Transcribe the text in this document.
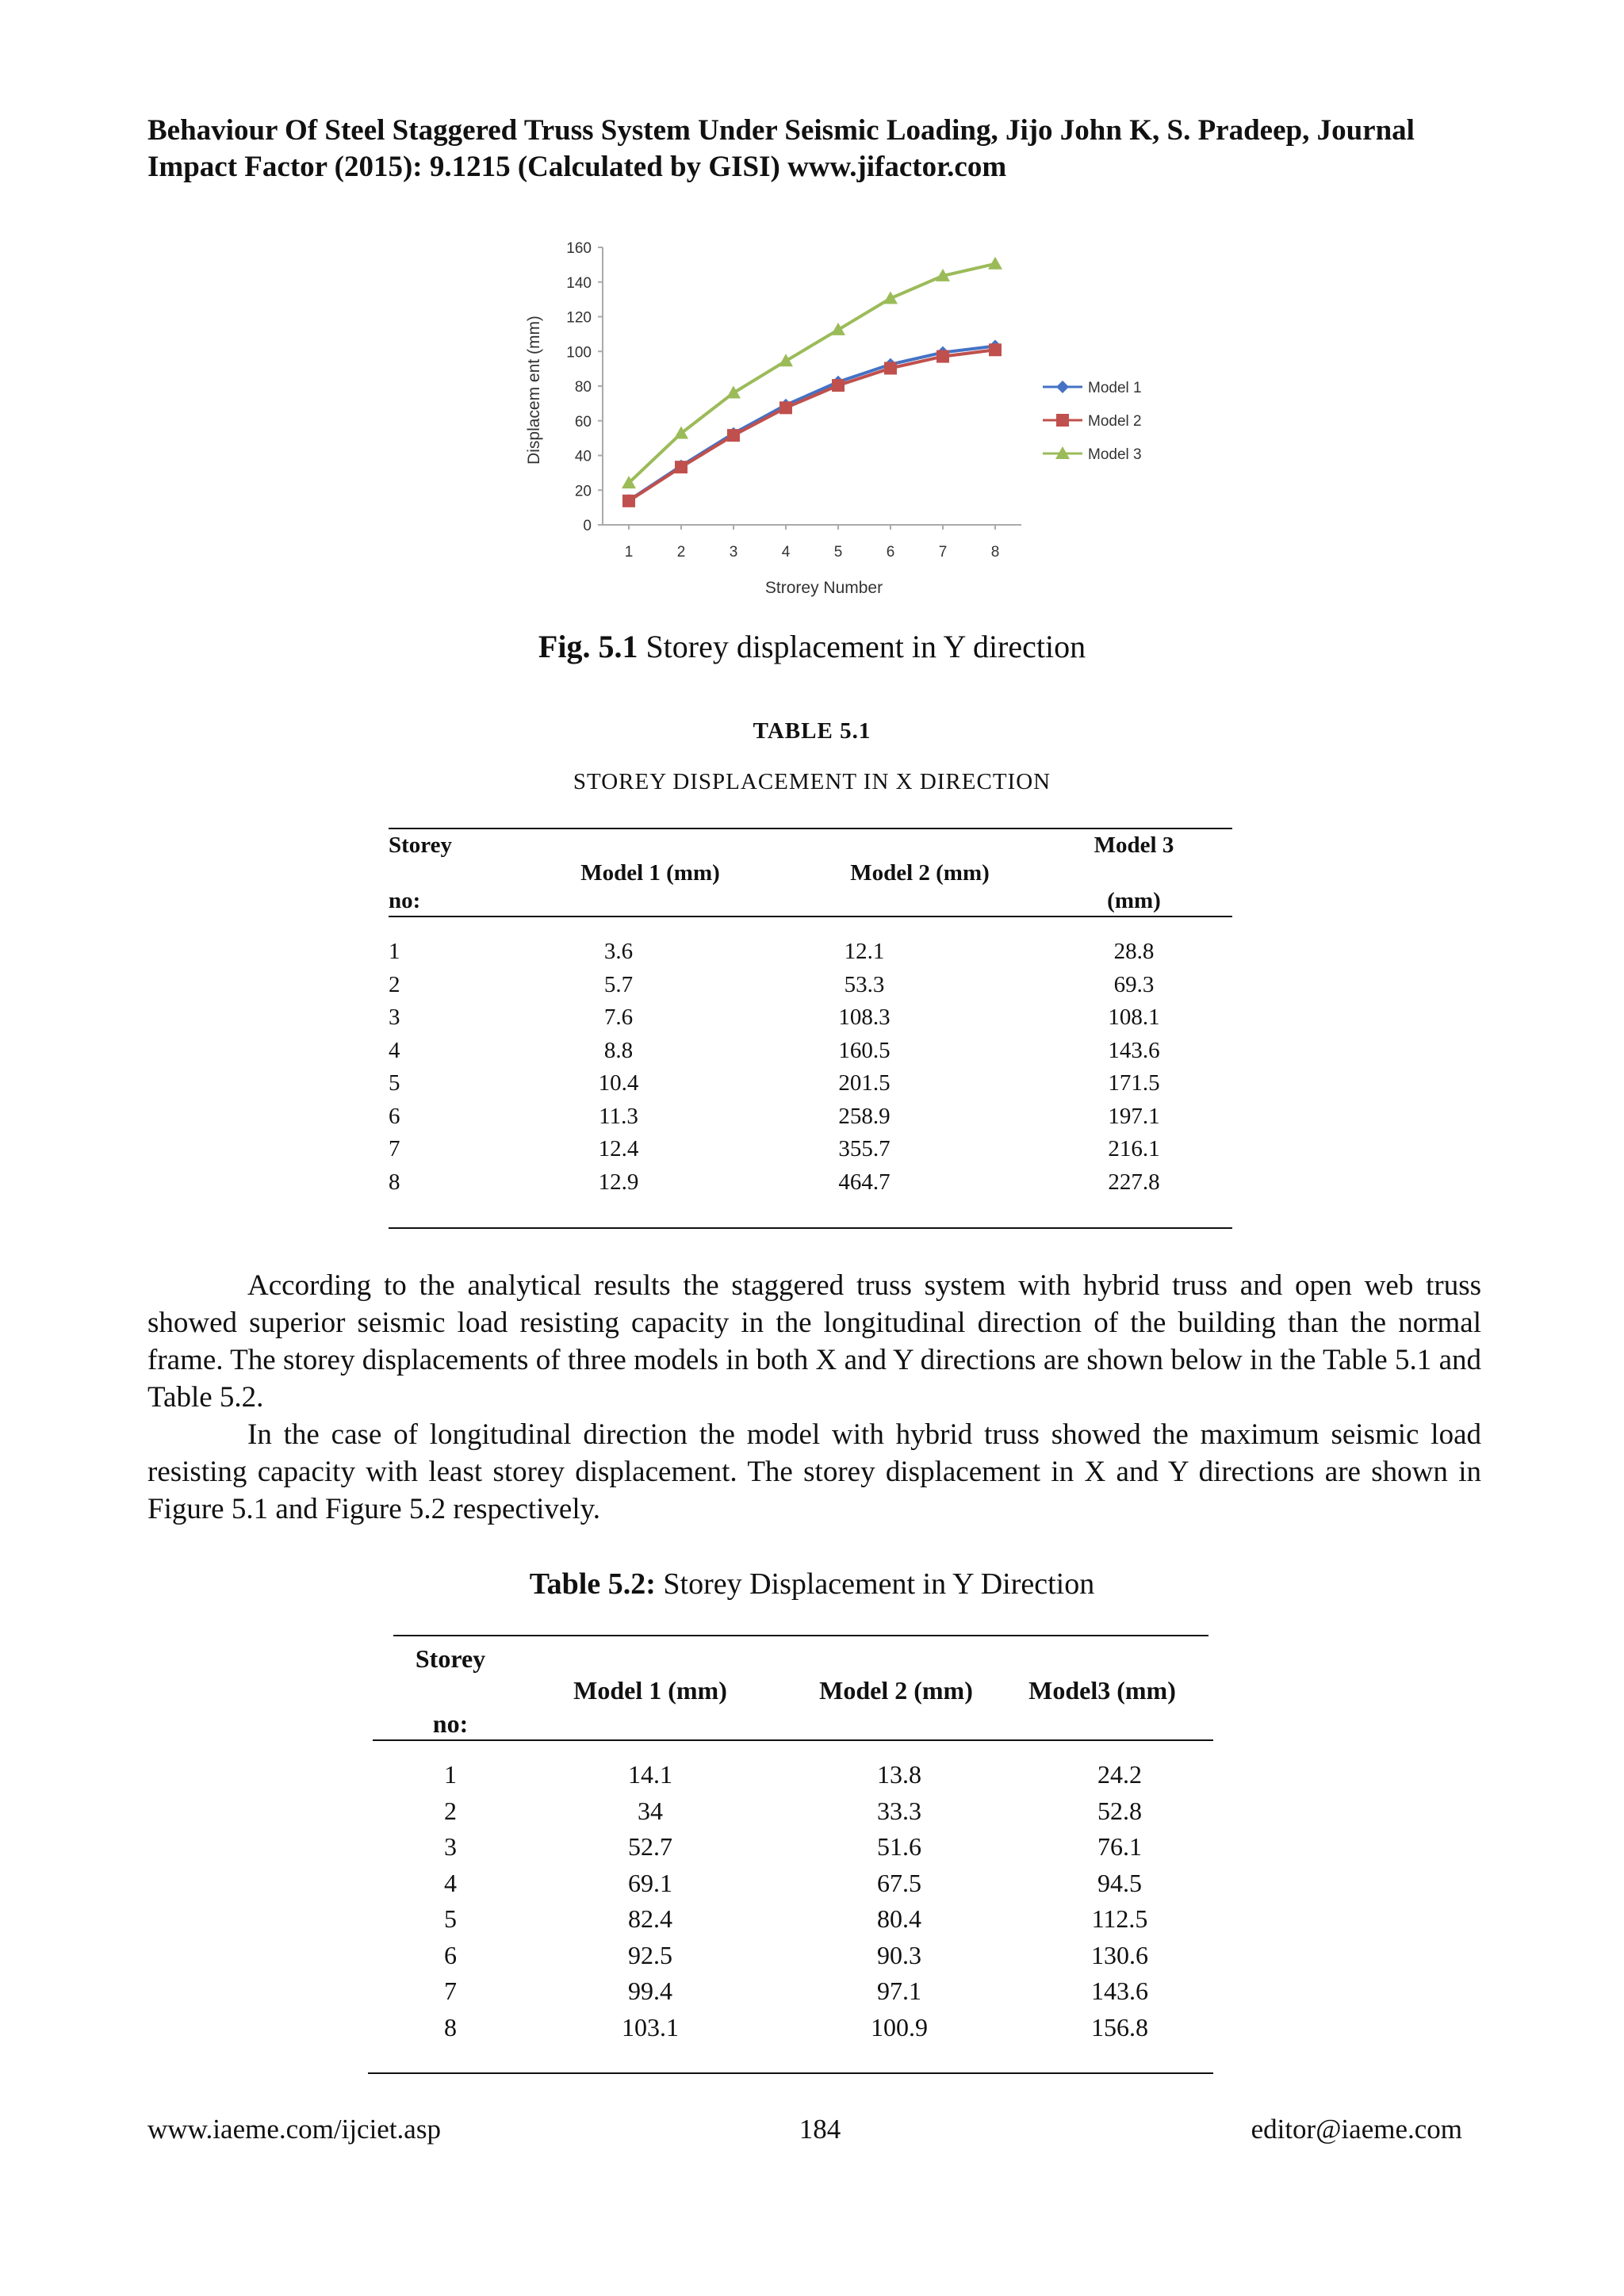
Behaviour Of Steel Staggered Truss System Under Seismic Loading, Jijo John K, S. Pradeep, Journal
Impact Factor (2015): 9.1215 (Calculated by GISI) www.jifactor.com
0
20
40
60
80
100
120
140
160
1	2	3	4	5	6	7	8
Strorey Number
Displacem ent (mm)	Model 1
Model 2
Model 3
Fig. 5.1 Storey displacement in Y direction
TABLE 5.1
STOREY DISPLACEMENT IN X DIRECTION
Storey
no:
Model 1 (mm)	Model 2 (mm)
Model 3
(mm)
1	3.6	12.1	28.8
2	5.7	53.3	69.3
3	7.6	108.3	108.1
4	8.8	160.5	143.6
5	10.4	201.5	171.5
6	11.3	258.9	197.1
7	12.4	355.7	216.1
8	12.9	464.7	227.8

According to the analytical results the staggered truss system with hybrid truss and open web truss showed superior seismic load resisting capacity in the longitudinal direction of the building than the normal frame. The storey displacements of three models in both X and Y directions are shown below in the Table 5.1 and Table 5.2.

In the case of longitudinal direction the model with hybrid truss showed the maximum seismic load resisting capacity with least storey displacement. The storey displacement in X and Y directions are shown in Figure 5.1 and Figure 5.2 respectively.

Table 5.2: Storey Displacement in Y Direction
Storey
no:
Model 1 (mm)	Model 2 (mm)	Model3 (mm)
1	14.1	13.8	24.2
2	34	33.3	52.8
3	52.7	51.6	76.1
4	69.1	67.5	94.5
5	82.4	80.4	112.5
6	92.5	90.3	130.6
7	99.4	97.1	143.6
8	103.1	100.9	156.8
www.iaeme.com/ijciet.asp	184	editor@iaeme.com
